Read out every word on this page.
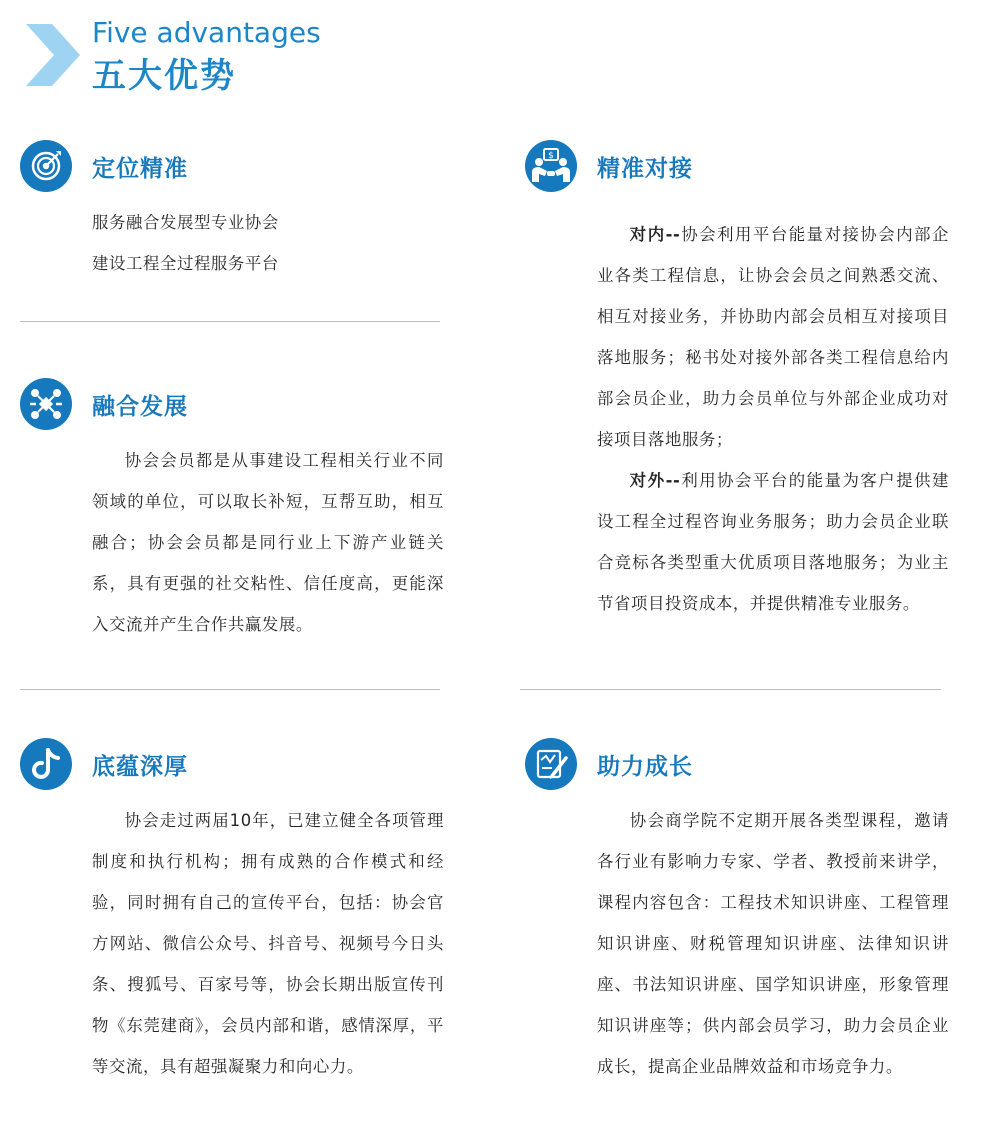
Five advantages
五大优势
定位精准

服务融合发展型专业协会

建设工程全过程服务平台

融合发展

协会会员都是从事建设工程相关行业不同领域的单位，可以取长补短，互帮互助，相互融合；协会会员都是同行业上下游产业链关系，具有更强的社交粘性、信任度高，更能深入交流并产生合作共赢发展。

底蕴深厚

协会走过两届10年，已建立健全各项管理制度和执行机构；拥有成熟的合作模式和经验，同时拥有自己的宣传平台，包括：协会官方网站、微信公众号、抖音号、视频号今日头条、搜狐号、百家号等，协会长期出版宣传刊物《东莞建商》，会员内部和谐，感情深厚，平等交流，具有超强凝聚力和向心力。

$ 精准对接

对内--协会利用平台能量对接协会内部企业各类工程信息，让协会会员之间熟悉交流、相互对接业务，并协助内部会员相互对接项目落地服务；秘书处对接外部各类工程信息给内部会员企业，助力会员单位与外部企业成功对接项目落地服务；

对外--利用协会平台的能量为客户提供建设工程全过程咨询业务服务；助力会员企业联合竞标各类型重大优质项目落地服务；为业主节省项目投资成本，并提供精准专业服务。

助力成长

协会商学院不定期开展各类型课程，邀请各行业有影响力专家、学者、教授前来讲学，课程内容包含：工程技术知识讲座、工程管理知识讲座、财税管理知识讲座、法律知识讲座、书法知识讲座、国学知识讲座，形象管理知识讲座等；供内部会员学习，助力会员企业成长，提高企业品牌效益和市场竞争力。
